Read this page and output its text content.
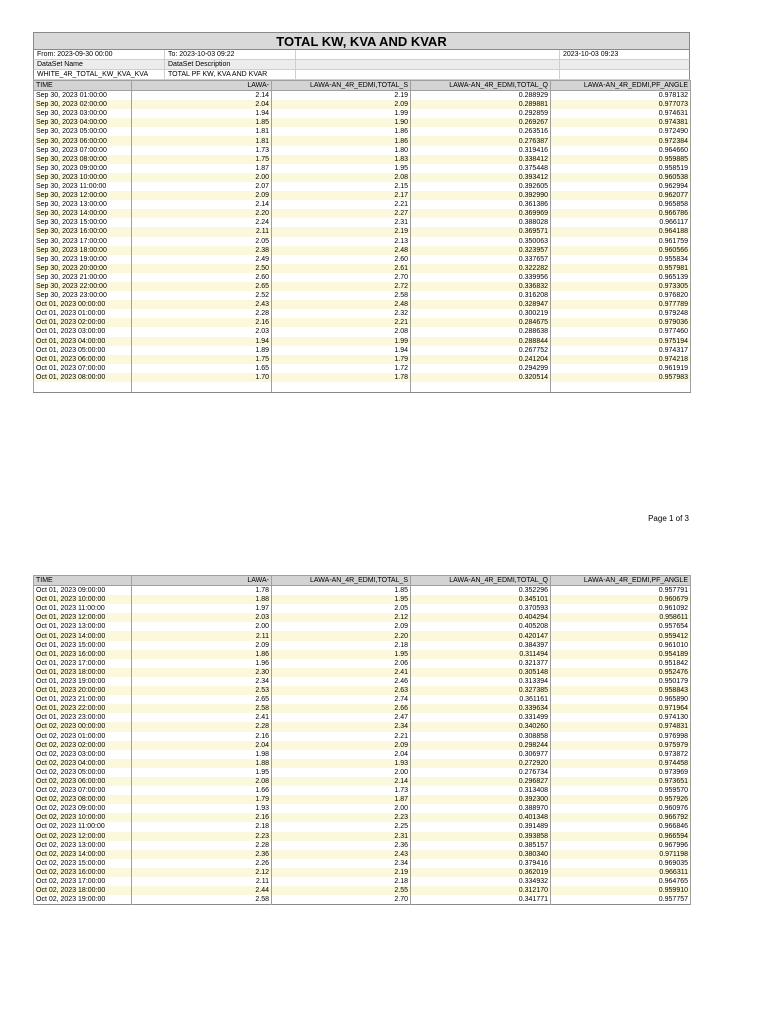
TOTAL KW, KVA AND KVAR
From: 2023-09-30 00:00	To: 2023-10-03 09:22	2023-10-03 09:23
DataSet Name	DataSet Description
WHITE_4R_TOTAL_KW_KVA_KVA	TOTAL PF KW, KVA AND KVAR
TIME	LAWA-	LAWA-AN_4R_EDMI,TOTAL_S	LAWA-AN_4R_EDMI,TOTAL_Q	LAWA-AN_4R_EDMI,PF_ANGLE
Sep 30, 2023 01:00:00	2.14	2.19	0.288929	0.978132
Sep 30, 2023 02:00:00	2.04	2.09	0.289881	0.977073
Sep 30, 2023 03:00:00	1.94	1.99	0.292859	0.974631
Sep 30, 2023 04:00:00	1.85	1.90	0.269267	0.974381
Sep 30, 2023 05:00:00	1.81	1.86	0.263516	0.972490
Sep 30, 2023 06:00:00	1.81	1.86	0.276387	0.972384
Sep 30, 2023 07:00:00	1.73	1.80	0.319416	0.964660
Sep 30, 2023 08:00:00	1.75	1.83	0.338412	0.959885
Sep 30, 2023 09:00:00	1.87	1.95	0.375448	0.958519
Sep 30, 2023 10:00:00	2.00	2.08	0.393412	0.960538
Sep 30, 2023 11:00:00	2.07	2.15	0.392605	0.962994
Sep 30, 2023 12:00:00	2.09	2.17	0.392990	0.962077
Sep 30, 2023 13:00:00	2.14	2.21	0.361386	0.965858
Sep 30, 2023 14:00:00	2.20	2.27	0.369969	0.966786
Sep 30, 2023 15:00:00	2.24	2.31	0.388028	0.966117
Sep 30, 2023 16:00:00	2.11	2.19	0.369571	0.964188
Sep 30, 2023 17:00:00	2.05	2.13	0.350063	0.961759
Sep 30, 2023 18:00:00	2.38	2.48	0.323957	0.960566
Sep 30, 2023 19:00:00	2.49	2.60	0.337657	0.955834
Sep 30, 2023 20:00:00	2.50	2.61	0.322282	0.957981
Sep 30, 2023 21:00:00	2.60	2.70	0.339956	0.965139
Sep 30, 2023 22:00:00	2.65	2.72	0.336832	0.973305
Sep 30, 2023 23:00:00	2.52	2.58	0.316208	0.976820
Oct 01, 2023 00:00:00	2.43	2.48	0.328947	0.977789
Oct 01, 2023 01:00:00	2.28	2.32	0.300219	0.979248
Oct 01, 2023 02:00:00	2.16	2.21	0.284675	0.979036
Oct 01, 2023 03:00:00	2.03	2.08	0.288638	0.977460
Oct 01, 2023 04:00:00	1.94	1.99	0.288844	0.975194
Oct 01, 2023 05:00:00	1.89	1.94	0.267752	0.974317
Oct 01, 2023 06:00:00	1.75	1.79	0.241204	0.974218
Oct 01, 2023 07:00:00	1.65	1.72	0.294299	0.961919
Oct 01, 2023 08:00:00	1.70	1.78	0.320514	0.957983

Page 1 of 3
TIME	LAWA-	LAWA-AN_4R_EDMI,TOTAL_S	LAWA-AN_4R_EDMI,TOTAL_Q	LAWA-AN_4R_EDMI,PF_ANGLE
Oct 01, 2023 09:00:00	1.78	1.85	0.352296	0.957791
Oct 01, 2023 10:00:00	1.88	1.95	0.345101	0.960679
Oct 01, 2023 11:00:00	1.97	2.05	0.370593	0.961092
Oct 01, 2023 12:00:00	2.03	2.12	0.404294	0.958611
Oct 01, 2023 13:00:00	2.00	2.09	0.405208	0.957654
Oct 01, 2023 14:00:00	2.11	2.20	0.420147	0.959412
Oct 01, 2023 15:00:00	2.09	2.18	0.384397	0.961010
Oct 01, 2023 16:00:00	1.86	1.95	0.311494	0.954189
Oct 01, 2023 17:00:00	1.96	2.06	0.321377	0.951842
Oct 01, 2023 18:00:00	2.30	2.41	0.305148	0.952476
Oct 01, 2023 19:00:00	2.34	2.46	0.313394	0.950179
Oct 01, 2023 20:00:00	2.53	2.63	0.327385	0.958843
Oct 01, 2023 21:00:00	2.65	2.74	0.361161	0.965890
Oct 01, 2023 22:00:00	2.58	2.66	0.339634	0.971964
Oct 01, 2023 23:00:00	2.41	2.47	0.331499	0.974130
Oct 02, 2023 00:00:00	2.28	2.34	0.340260	0.974831
Oct 02, 2023 01:00:00	2.16	2.21	0.308858	0.976998
Oct 02, 2023 02:00:00	2.04	2.09	0.298244	0.975979
Oct 02, 2023 03:00:00	1.98	2.04	0.306977	0.973872
Oct 02, 2023 04:00:00	1.88	1.93	0.272920	0.974458
Oct 02, 2023 05:00:00	1.95	2.00	0.276734	0.973969
Oct 02, 2023 06:00:00	2.08	2.14	0.296827	0.973651
Oct 02, 2023 07:00:00	1.66	1.73	0.313408	0.959570
Oct 02, 2023 08:00:00	1.79	1.87	0.392300	0.957926
Oct 02, 2023 09:00:00	1.93	2.00	0.388970	0.960976
Oct 02, 2023 10:00:00	2.16	2.23	0.401348	0.966792
Oct 02, 2023 11:00:00	2.18	2.25	0.391489	0.966846
Oct 02, 2023 12:00:00	2.23	2.31	0.393858	0.966594
Oct 02, 2023 13:00:00	2.28	2.36	0.385157	0.967996
Oct 02, 2023 14:00:00	2.36	2.43	0.380340	0.971198
Oct 02, 2023 15:00:00	2.26	2.34	0.379416	0.969035
Oct 02, 2023 16:00:00	2.12	2.19	0.362019	0.966311
Oct 02, 2023 17:00:00	2.11	2.18	0.334932	0.964765
Oct 02, 2023 18:00:00	2.44	2.55	0.312170	0.959910
Oct 02, 2023 19:00:00	2.58	2.70	0.341771	0.957757
